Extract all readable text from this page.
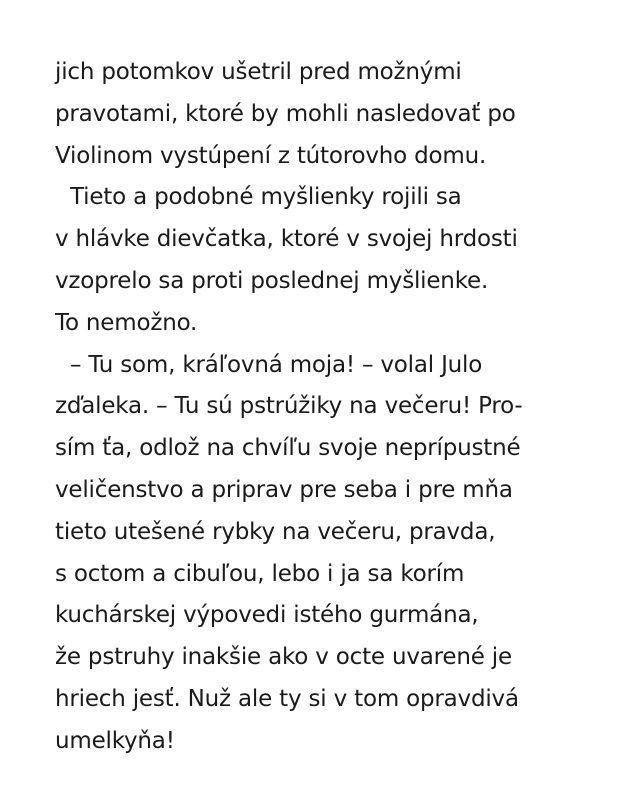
jich potomkov ušetril pred možnými
pravotami, ktoré by mohli nasledovať po
Violinom vystúpení z tútorovho domu.
Tieto a podobné myšlienky rojili sa
v hlávke dievčatka, ktoré v svojej hrdosti
vzoprelo sa proti poslednej myšlienke.
To nemožno.
– Tu som, kráľovná moja! – volal Julo
zďaleka. – Tu sú pstrúžiky na večeru! Pro-
sím ťa, odlož na chvíľu svoje neprípustné
veličenstvo a priprav pre seba i pre mňa
tieto utešené rybky na večeru, pravda,
s octom a cibuľou, lebo i ja sa korím
kuchárskej výpovedi istého gurmána,
že pstruhy inakšie ako v octe uvarené je
hriech jesť. Nuž ale ty si v tom opravdivá
umelkyňa!
